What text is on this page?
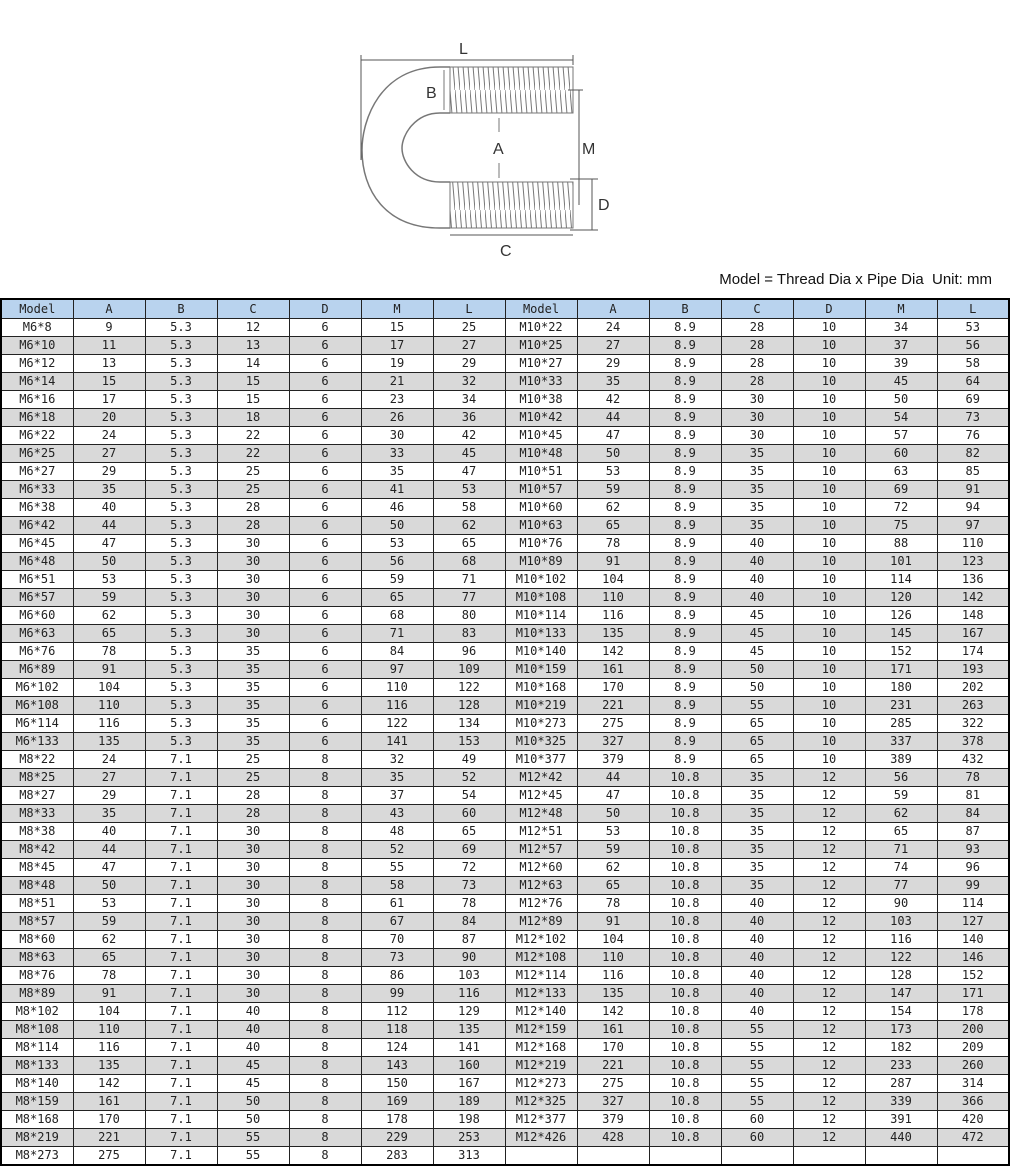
L
B
A	M
D
C
Model = Thread Dia x Pipe Dia  Unit: mm
Model	A	B	C	D	M	L	Model	A	B	C	D	M	L
M6*8	9	5.3	12	6	15	25	M10*22	24	8.9	28	10	34	53
M6*10	11	5.3	13	6	17	27	M10*25	27	8.9	28	10	37	56
M6*12	13	5.3	14	6	19	29	M10*27	29	8.9	28	10	39	58
M6*14	15	5.3	15	6	21	32	M10*33	35	8.9	28	10	45	64
M6*16	17	5.3	15	6	23	34	M10*38	42	8.9	30	10	50	69
M6*18	20	5.3	18	6	26	36	M10*42	44	8.9	30	10	54	73
M6*22	24	5.3	22	6	30	42	M10*45	47	8.9	30	10	57	76
M6*25	27	5.3	22	6	33	45	M10*48	50	8.9	35	10	60	82
M6*27	29	5.3	25	6	35	47	M10*51	53	8.9	35	10	63	85
M6*33	35	5.3	25	6	41	53	M10*57	59	8.9	35	10	69	91
M6*38	40	5.3	28	6	46	58	M10*60	62	8.9	35	10	72	94
M6*42	44	5.3	28	6	50	62	M10*63	65	8.9	35	10	75	97
M6*45	47	5.3	30	6	53	65	M10*76	78	8.9	40	10	88	110
M6*48	50	5.3	30	6	56	68	M10*89	91	8.9	40	10	101	123
M6*51	53	5.3	30	6	59	71	M10*102	104	8.9	40	10	114	136
M6*57	59	5.3	30	6	65	77	M10*108	110	8.9	40	10	120	142
M6*60	62	5.3	30	6	68	80	M10*114	116	8.9	45	10	126	148
M6*63	65	5.3	30	6	71	83	M10*133	135	8.9	45	10	145	167
M6*76	78	5.3	35	6	84	96	M10*140	142	8.9	45	10	152	174
M6*89	91	5.3	35	6	97	109	M10*159	161	8.9	50	10	171	193
M6*102	104	5.3	35	6	110	122	M10*168	170	8.9	50	10	180	202
M6*108	110	5.3	35	6	116	128	M10*219	221	8.9	55	10	231	263
M6*114	116	5.3	35	6	122	134	M10*273	275	8.9	65	10	285	322
M6*133	135	5.3	35	6	141	153	M10*325	327	8.9	65	10	337	378
M8*22	24	7.1	25	8	32	49	M10*377	379	8.9	65	10	389	432
M8*25	27	7.1	25	8	35	52	M12*42	44	10.8	35	12	56	78
M8*27	29	7.1	28	8	37	54	M12*45	47	10.8	35	12	59	81
M8*33	35	7.1	28	8	43	60	M12*48	50	10.8	35	12	62	84
M8*38	40	7.1	30	8	48	65	M12*51	53	10.8	35	12	65	87
M8*42	44	7.1	30	8	52	69	M12*57	59	10.8	35	12	71	93
M8*45	47	7.1	30	8	55	72	M12*60	62	10.8	35	12	74	96
M8*48	50	7.1	30	8	58	73	M12*63	65	10.8	35	12	77	99
M8*51	53	7.1	30	8	61	78	M12*76	78	10.8	40	12	90	114
M8*57	59	7.1	30	8	67	84	M12*89	91	10.8	40	12	103	127
M8*60	62	7.1	30	8	70	87	M12*102	104	10.8	40	12	116	140
M8*63	65	7.1	30	8	73	90	M12*108	110	10.8	40	12	122	146
M8*76	78	7.1	30	8	86	103	M12*114	116	10.8	40	12	128	152
M8*89	91	7.1	30	8	99	116	M12*133	135	10.8	40	12	147	171
M8*102	104	7.1	40	8	112	129	M12*140	142	10.8	40	12	154	178
M8*108	110	7.1	40	8	118	135	M12*159	161	10.8	55	12	173	200
M8*114	116	7.1	40	8	124	141	M12*168	170	10.8	55	12	182	209
M8*133	135	7.1	45	8	143	160	M12*219	221	10.8	55	12	233	260
M8*140	142	7.1	45	8	150	167	M12*273	275	10.8	55	12	287	314
M8*159	161	7.1	50	8	169	189	M12*325	327	10.8	55	12	339	366
M8*168	170	7.1	50	8	178	198	M12*377	379	10.8	60	12	391	420
M8*219	221	7.1	55	8	229	253	M12*426	428	10.8	60	12	440	472
M8*273	275	7.1	55	8	283	313							
